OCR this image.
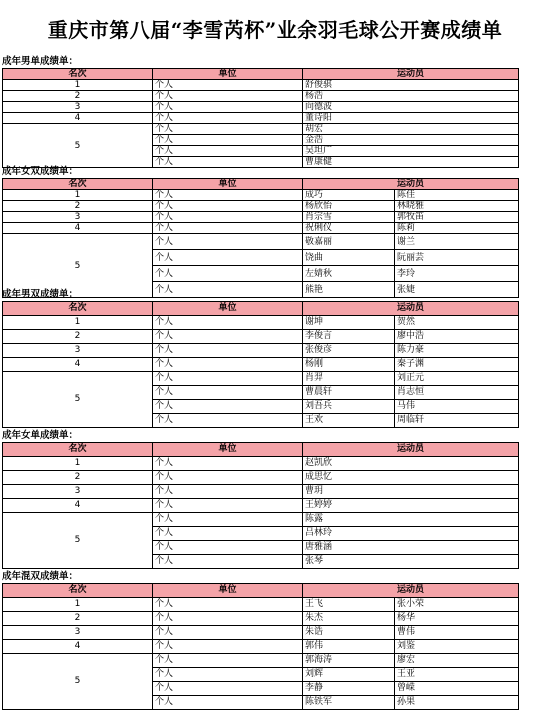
重庆市第八届“李雪芮杯”业余羽毛球公开赛成绩单
成年男单成绩单：
名次	单位	运动员
1	个人	舒俊骐
2	个人	杨浩
3	个人	向德波
4	个人	董诗阳
5	个人	胡宏
	个人	金浩
	个人	吴坦广
	个人	曹康健
成年女双成绩单：
名次	单位	运动员	
1	个人	成巧	陈佳
2	个人	杨欣怡	林晓雅
3	个人	肖宗雪	郭牧笛
4	个人	祝俐仪	陈莉
5	个人	敬嘉丽	谢兰
	个人	饶曲	阮丽芸
	个人	左婧秋	李玲
	个人	熊艳	张婕
成年男双成绩单：
名次	单位	运动员	
1	个人	谢坤	贺然
2	个人	李俊言	廖中浩
3	个人	张俊彦	陈力豪
4	个人	杨刚	秦子渊
5	个人	肖羿	刘正元
	个人	曹晨轩	肖志恒
	个人	刘吾兵	马伟
	个人	王欢	周临轩
成年女单成绩单：
名次	单位	运动员
1	个人	赵凯欣
2	个人	成思忆
3	个人	曹玥
4	个人	王婷婷
5	个人	陈露
	个人	吕林玲
	个人	唐雅涵
	个人	张琴
成年混双成绩单：
名次	单位	运动员	
1	个人	王飞	张小荣
2	个人	朱杰	杨华
3	个人	朱诰	曹伟
4	个人	郭伟	刘鉴
5	个人	郭海涛	廖宏
	个人	刘辉	王亚
	个人	李静	曾嵘
	个人	陈铁军	孙果
